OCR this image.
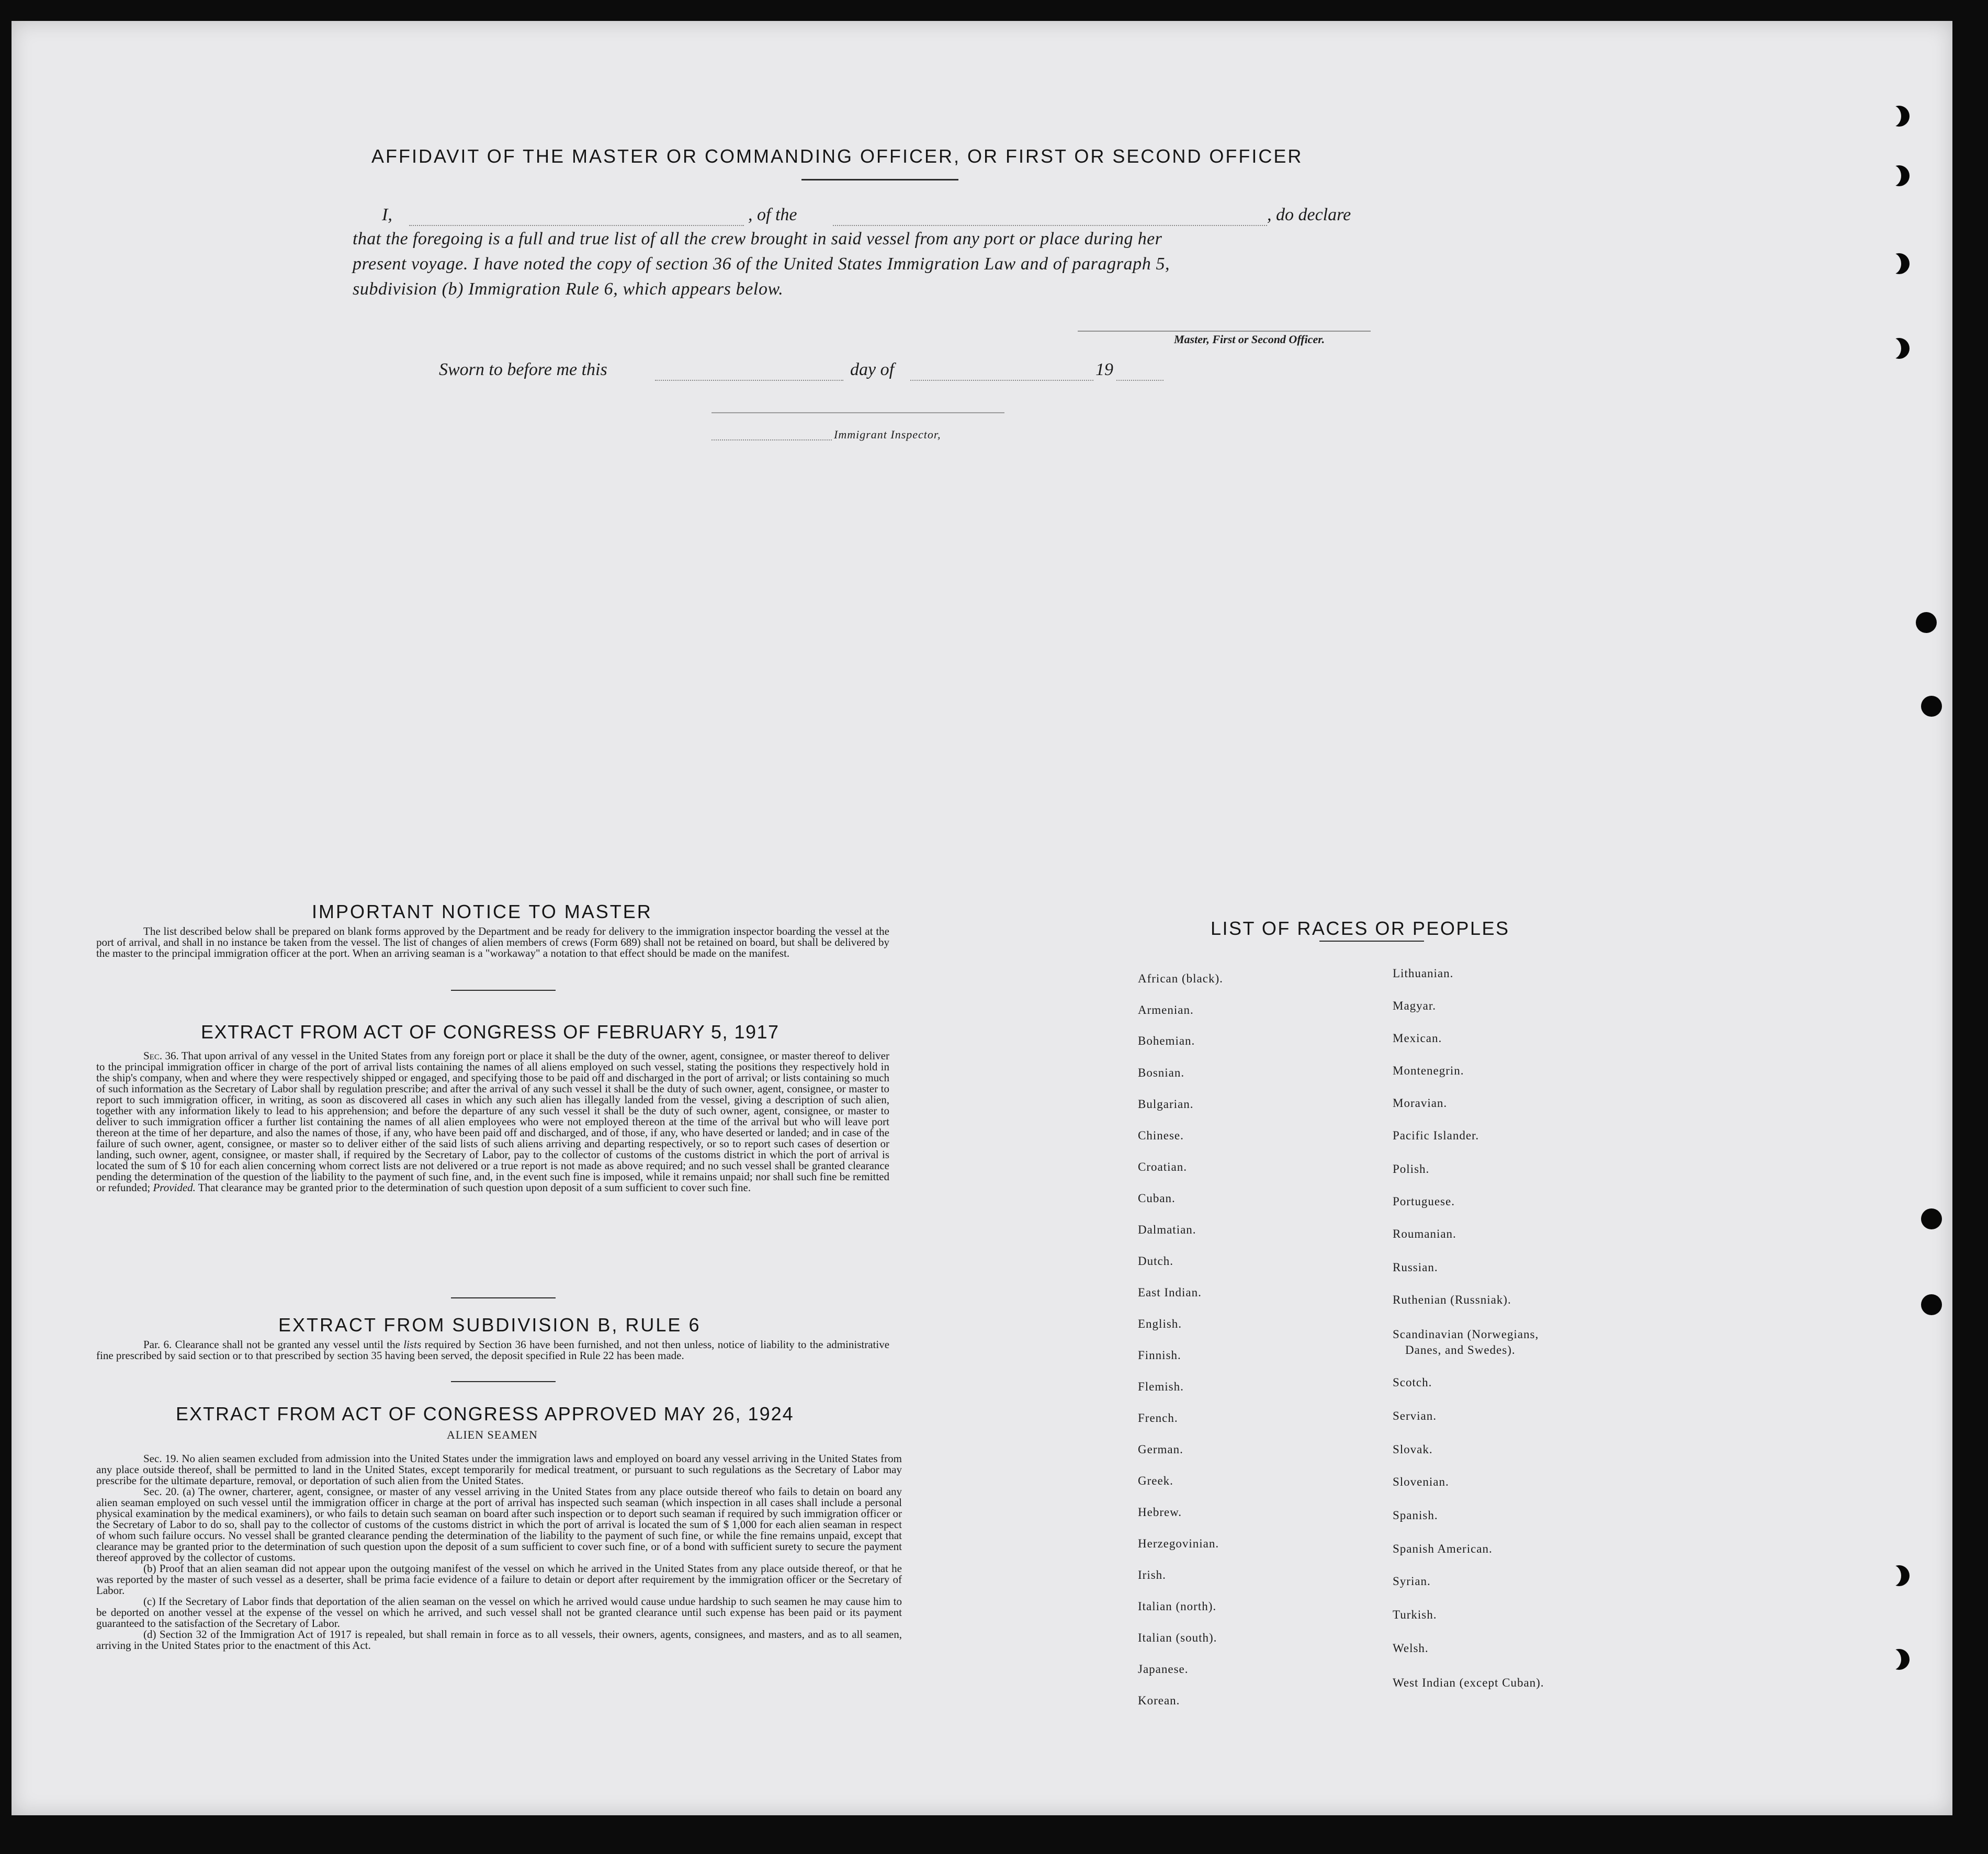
AFFIDAVIT OF THE MASTER OR COMMANDING OFFICER, OR FIRST OR SECOND OFFICER
I,	, of the	, do declare
that the foregoing is a full and true list of all the crew brought in said vessel from any port or place during her
present voyage. I have noted the copy of section 36 of the United States Immigration Law and of paragraph 5,
subdivision (b) Immigration Rule 6, which appears below.
Master, First or Second Officer.
Sworn to before me this	day of	19
Immigrant Inspector,
IMPORTANT NOTICE TO MASTER
The list described below shall be prepared on blank forms approved by the Department and be ready for delivery to the immigration inspector boarding the vessel at the port of arrival, and shall in no instance be taken from the vessel. The list of changes of alien members of crews (Form 689) shall not be retained on board, but shall be delivered by the master to the principal immigration officer at the port. When an arriving seaman is a "workaway" a notation to that effect should be made on the manifest.
EXTRACT FROM ACT OF CONGRESS OF FEBRUARY 5, 1917

Sec. 36. That upon arrival of any vessel in the United States from any foreign port or place it shall be the duty of the owner, agent, consignee, or master thereof to deliver to the principal immigration officer in charge of the port of arrival lists containing the names of all aliens employed on such vessel, stating the positions they respectively hold in the ship's company, when and where they were respectively shipped or engaged, and specifying those to be paid off and discharged in the port of arrival; or lists containing so much of such information as the Secretary of Labor shall by regulation prescribe; and after the arrival of any such vessel it shall be the duty of such owner, agent, consignee, or master to report to such immigration officer, in writing, as soon as discovered all cases in which any such alien has illegally landed from the vessel, giving a description of such alien, together with any information likely to lead to his apprehension; and before the departure of any such vessel it shall be the duty of such owner, agent, consignee, or master to deliver to such immigration officer a further list containing the names of all alien employees who were not employed thereon at the time of the arrival but who will leave port thereon at the time of her departure, and also the names of those, if any, who have been paid off and discharged, and of those, if any, who have deserted or landed; and in case of the failure of such owner, agent, consignee, or master so to deliver either of the said lists of such aliens arriving and departing respectively, or so to report such cases of desertion or landing, such owner, agent, consignee, or master shall, if required by the Secretary of Labor, pay to the collector of customs of the customs district in which the port of arrival is located the sum of $ 10 for each alien concerning whom correct lists are not delivered or a true report is not made as above required; and no such vessel shall be granted clearance pending the determination of the question of the liability to the payment of such fine, and, in the event such fine is imposed, while it remains unpaid; nor shall such fine be remitted or refunded; Provided. That clearance may be granted prior to the determination of such question upon deposit of a sum sufficient to cover such fine.

EXTRACT FROM SUBDIVISION B, RULE 6

Par. 6. Clearance shall not be granted any vessel until the lists required by Section 36 have been furnished, and not then unless, notice of liability to the administrative fine prescribed by said section or to that prescribed by section 35 having been served, the deposit specified in Rule 22 has been made.

EXTRACT FROM ACT OF CONGRESS APPROVED MAY 26, 1924
ALIEN SEAMEN

Sec. 19. No alien seamen excluded from admission into the United States under the immigration laws and employed on board any vessel arriving in the United States from any place outside thereof, shall be permitted to land in the United States, except temporarily for medical treatment, or pursuant to such regulations as the Secretary of Labor may prescribe for the ultimate departure, removal, or deportation of such alien from the United States.

Sec. 20. (a) The owner, charterer, agent, consignee, or master of any vessel arriving in the United States from any place outside thereof who fails to detain on board any alien seaman employed on such vessel until the immigration officer in charge at the port of arrival has inspected such seaman (which inspection in all cases shall include a personal physical examination by the medical examiners), or who fails to detain such seaman on board after such inspection or to deport such seaman if required by such immigration officer or the Secretary of Labor to do so, shall pay to the collector of customs of the customs district in which the port of arrival is located the sum of $ 1,000 for each alien seaman in respect of whom such failure occurs. No vessel shall be granted clearance pending the determination of the liability to the payment of such fine, or while the fine remains unpaid, except that clearance may be granted prior to the determination of such question upon the deposit of a sum sufficient to cover such fine, or of a bond with sufficient surety to secure the payment thereof approved by the collector of customs.

(b) Proof that an alien seaman did not appear upon the outgoing manifest of the vessel on which he arrived in the United States from any place outside thereof, or that he was reported by the master of such vessel as a deserter, shall be prima facie evidence of a failure to detain or deport after requirement by the immigration officer or the Secretary of Labor.

(c) If the Secretary of Labor finds that deportation of the alien seaman on the vessel on which he arrived would cause undue hardship to such seamen he may cause him to be deported on another vessel at the expense of the vessel on which he arrived, and such vessel shall not be granted clearance until such expense has been paid or its payment guaranteed to the satisfaction of the Secretary of Labor.

(d) Section 32 of the Immigration Act of 1917 is repealed, but shall remain in force as to all vessels, their owners, agents, consignees, and masters, and as to all seamen, arriving in the United States prior to the enactment of this Act.

LIST OF RACES OR PEOPLES
African (black).
Armenian.
Bohemian.
Bosnian.
Bulgarian.
Chinese.
Croatian.
Cuban.
Dalmatian.
Dutch.
East Indian.
English.
Finnish.
Flemish.
French.
German.
Greek.
Hebrew.
Herzegovinian.
Irish.
Italian (north).
Italian (south).
Japanese.
Korean.
Lithuanian.
Magyar.
Mexican.
Montenegrin.
Moravian.
Pacific Islander.
Polish.
Portuguese.
Roumanian.
Russian.
Ruthenian (Russniak).
Scandinavian (Norwegians,
Danes, and Swedes).
Scotch.
Servian.
Slovak.
Slovenian.
Spanish.
Spanish American.
Syrian.
Turkish.
Welsh.
West Indian (except Cuban).
